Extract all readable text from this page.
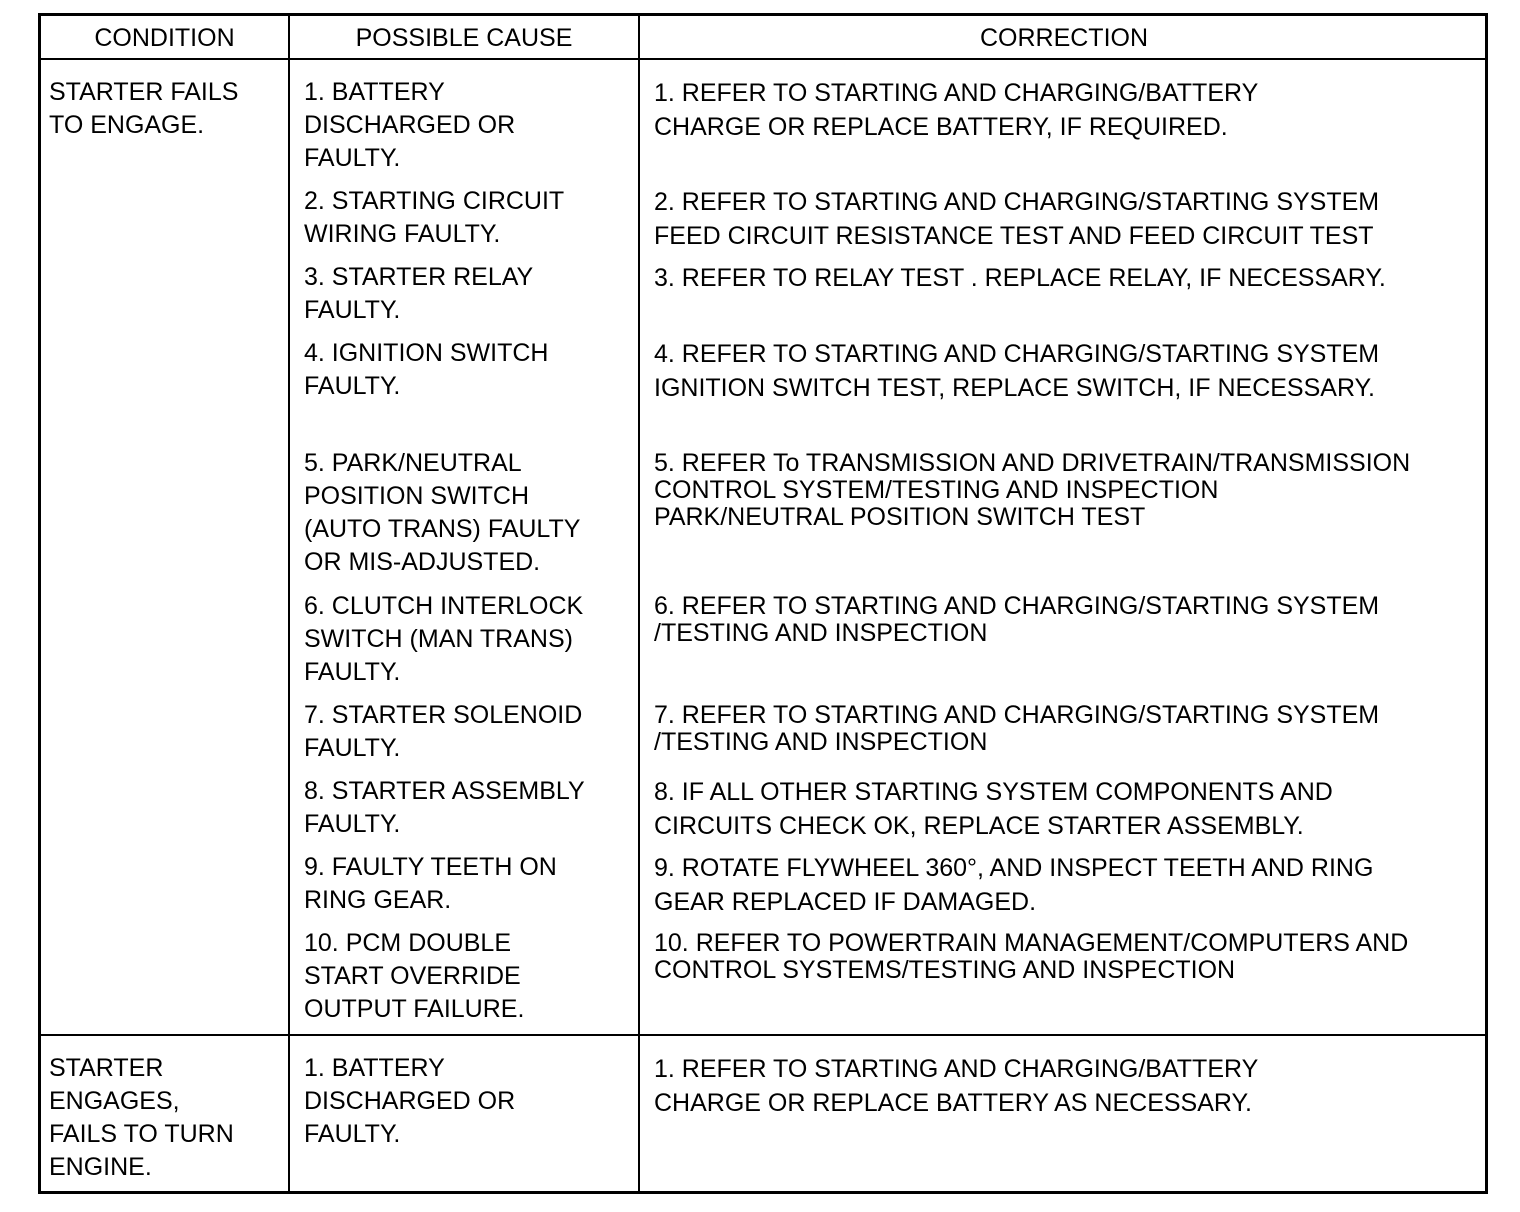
CONDITION	POSSIBLE CAUSE	CORRECTION
STARTER FAILS
TO ENGAGE.
1. BATTERY
DISCHARGED OR
FAULTY.
2. STARTING CIRCUIT
WIRING FAULTY.
3. STARTER RELAY
FAULTY.
4. IGNITION SWITCH
FAULTY.
5. PARK/NEUTRAL
POSITION SWITCH
(AUTO TRANS) FAULTY
OR MIS-ADJUSTED.
6. CLUTCH INTERLOCK
SWITCH (MAN TRANS)
FAULTY.
7. STARTER SOLENOID
FAULTY.
8. STARTER ASSEMBLY
FAULTY.
9. FAULTY TEETH ON
RING GEAR.
10. PCM DOUBLE
START OVERRIDE
OUTPUT FAILURE.
1. REFER TO STARTING AND CHARGING/BATTERY
CHARGE OR REPLACE BATTERY, IF REQUIRED.
2. REFER TO STARTING AND CHARGING/STARTING SYSTEM
FEED CIRCUIT RESISTANCE TEST AND FEED CIRCUIT TEST
3. REFER TO RELAY TEST . REPLACE RELAY, IF NECESSARY.
4. REFER TO STARTING AND CHARGING/STARTING SYSTEM
IGNITION SWITCH TEST, REPLACE SWITCH, IF NECESSARY.
5. REFER To TRANSMISSION AND DRIVETRAIN/TRANSMISSION
CONTROL SYSTEM/TESTING AND INSPECTION
PARK/NEUTRAL POSITION SWITCH TEST
6. REFER TO STARTING AND CHARGING/STARTING SYSTEM
/TESTING AND INSPECTION
7. REFER TO STARTING AND CHARGING/STARTING SYSTEM
/TESTING AND INSPECTION
8. IF ALL OTHER STARTING SYSTEM COMPONENTS AND
CIRCUITS CHECK OK, REPLACE STARTER ASSEMBLY.
9. ROTATE FLYWHEEL 360°, AND INSPECT TEETH AND RING
GEAR REPLACED IF DAMAGED.
10. REFER TO POWERTRAIN MANAGEMENT/COMPUTERS AND
CONTROL SYSTEMS/TESTING AND INSPECTION
STARTER
ENGAGES,
FAILS TO TURN
ENGINE.
1. BATTERY
DISCHARGED OR
FAULTY.
1. REFER TO STARTING AND CHARGING/BATTERY
CHARGE OR REPLACE BATTERY AS NECESSARY.
